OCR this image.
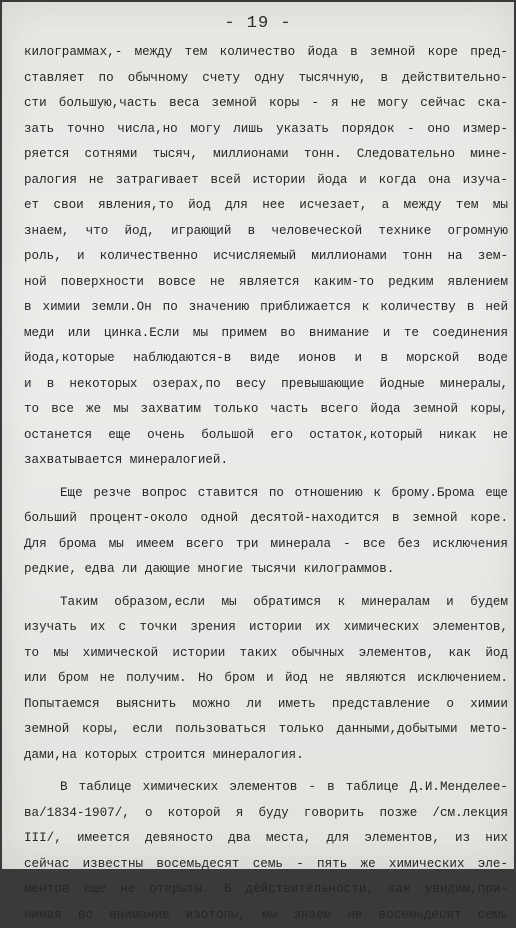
- 19 -
килограммах,- между тем количество йода в земной коре пред-
ставляет по обычному счету одну тысячную, в действительно-
сти большую,часть веса земной коры - я не могу сейчас ска-
зать точно числа,но могу лишь указать порядок - оно измер-
ряется сотнями тысяч, миллионами тонн. Следовательно мине-
ралогия не затрагивает всей истории йода и когда она изуча-
ет свои явления,то йод для нее исчезает, а между тем мы
знаем, что йод, играющий в человеческой технике огромную
роль, и количественно исчисляемый миллионами тонн на зем-
ной поверхности вовсе не является каким-то редким явлением
в химии земли.Он по значению приближается к количеству в ней
меди или цинка.Если мы примем во внимание и те соединения
йода,которые наблюдаются-в виде ионов и в морской воде
и в некоторых озерах,по весу превышающие йодные минералы,
то все же мы захватим только часть всего йода земной коры,
останется еще очень большой его остаток,который никак не
захватывается минералогией.
Еще резче вопрос ставится по отношению к брому.Брома еще
больший процент-около одной десятой-находится в земной коре.
Для брома мы имеем всего три минерала - все без исключения
редкие, едва ли дающие многие тысячи килограммов.
Таким образом,если мы обратимся к минералам и будем
изучать их с точки зрения истории их химических элементов,
то мы химической истории таких обычных элементов, как йод
или бром не получим. Но бром и йод не являются исключением.
Попытаемся выяснить можно ли иметь представление о химии
земной коры, если пользоваться только данными,добытыми мето-
дами,на которых строится минералогия.
В таблице химических элементов - в таблице Д.И.Менделее-
ва/1834-1907/, о которой я буду говорить позже /см.лекция
III/, имеется девяносто два места, для элементов, из них
сейчас известны восемьдесят семь - пять же химических эле-
ментов еще не открыты. В действительности, как увидим,при-
нимая во внимание изотопы, мы знаем не восемьдесят семь
